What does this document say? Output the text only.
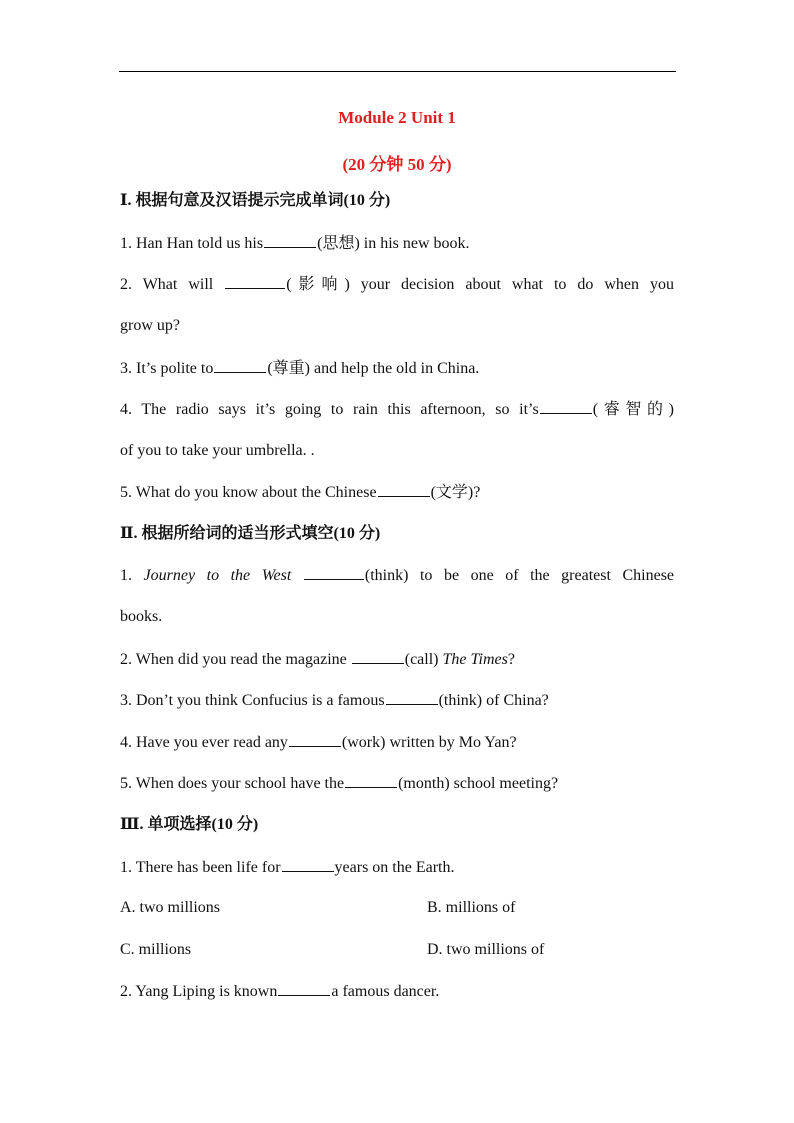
Module 2 Unit 1
(20 分钟 50 分)
Ⅰ. 根据句意及汉语提示完成单词(10 分)
1. Han Han told us his	(思想) in his new book.
2. What will	(影响) your decision about what to do when you
grow up?
3. It’s polite to	(尊重) and help the old in China.
4. The radio says it’s going to rain this afternoon, so it’s	(睿智的)
of you to take your umbrella. .
5. What do you know about the Chinese	(文学)?
Ⅱ. 根据所给词的适当形式填空(10 分)
1. Journey to the West	(think) to be one of the greatest Chinese
books.
2. When did you read the magazine	(call) The Times?
3. Don’t you think Confucius is a famous	(think) of China?
4. Have you ever read any	(work) written by Mo Yan?
5. When does your school have the	(month) school meeting?
Ⅲ. 单项选择(10 分)
1. There has been life for	years on the Earth.
A. two millions	B. millions of
C. millions	D. two millions of
2. Yang Liping is known	a famous dancer.
